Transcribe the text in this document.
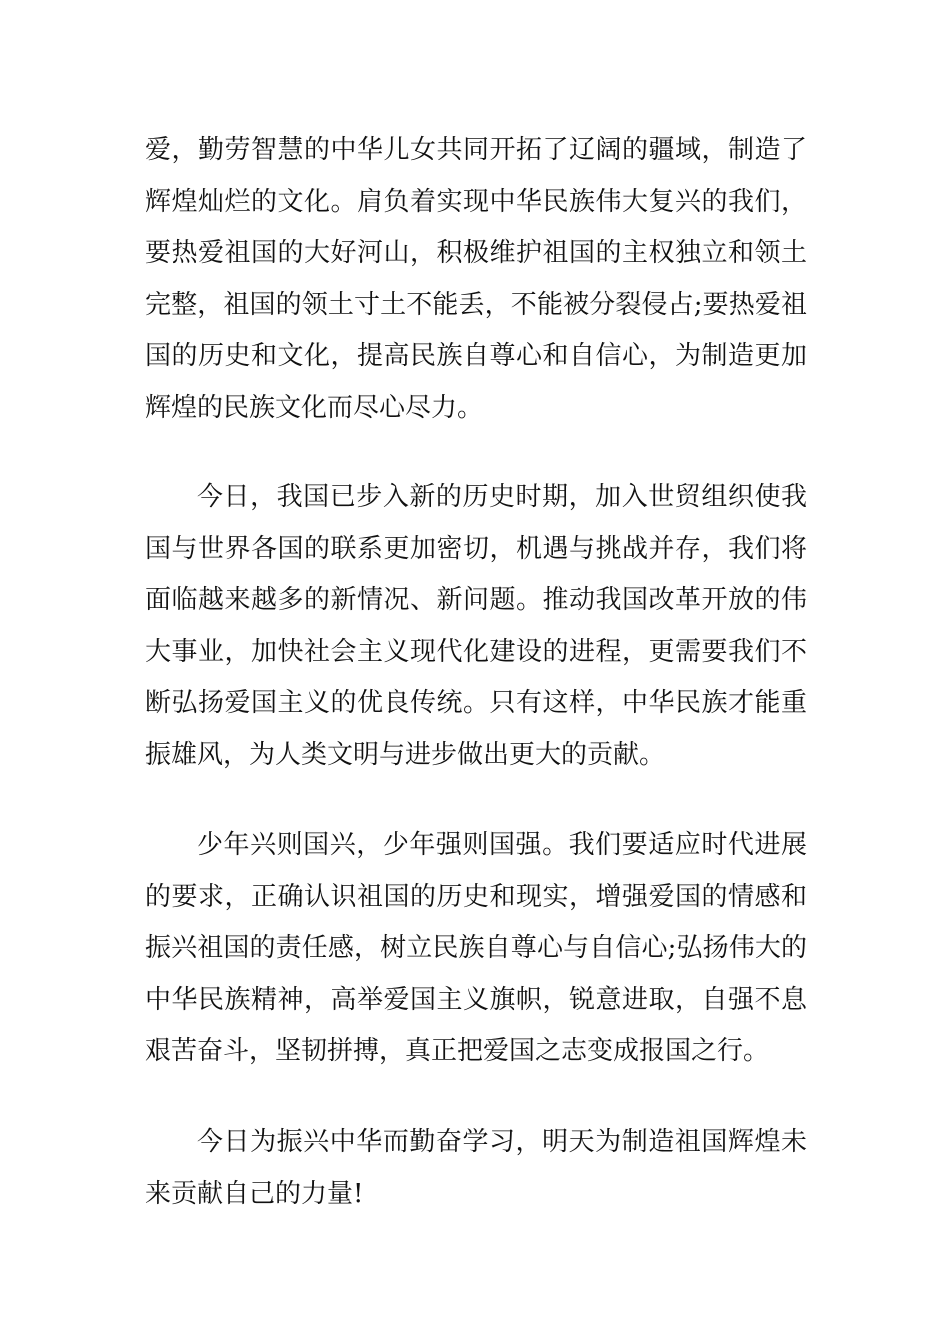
爱，勤劳智慧的中华儿女共同开拓了辽阔的疆域，制造了辉煌灿烂的文化。肩负着实现中华民族伟大复兴的我们，要热爱祖国的大好河山，积极维护祖国的主权独立和领土完整，祖国的领土寸土不能丢，不能被分裂侵占;要热爱祖国的历史和文化，提高民族自尊心和自信心，为制造更加辉煌的民族文化而尽心尽力。

今日，我国已步入新的历史时期，加入世贸组织使我国与世界各国的联系更加密切，机遇与挑战并存，我们将面临越来越多的新情况、新问题。推动我国改革开放的伟大事业，加快社会主义现代化建设的进程，更需要我们不断弘扬爱国主义的优良传统。只有这样，中华民族才能重振雄风，为人类文明与进步做出更大的贡献。

少年兴则国兴，少年强则国强。我们要适应时代进展的要求，正确认识祖国的历史和现实，增强爱国的情感和振兴祖国的责任感，树立民族自尊心与自信心;弘扬伟大的中华民族精神，高举爱国主义旗帜，锐意进取，自强不息艰苦奋斗，坚韧拼搏，真正把爱国之志变成报国之行。

今日为振兴中华而勤奋学习，明天为制造祖国辉煌未来贡献自己的力量!
